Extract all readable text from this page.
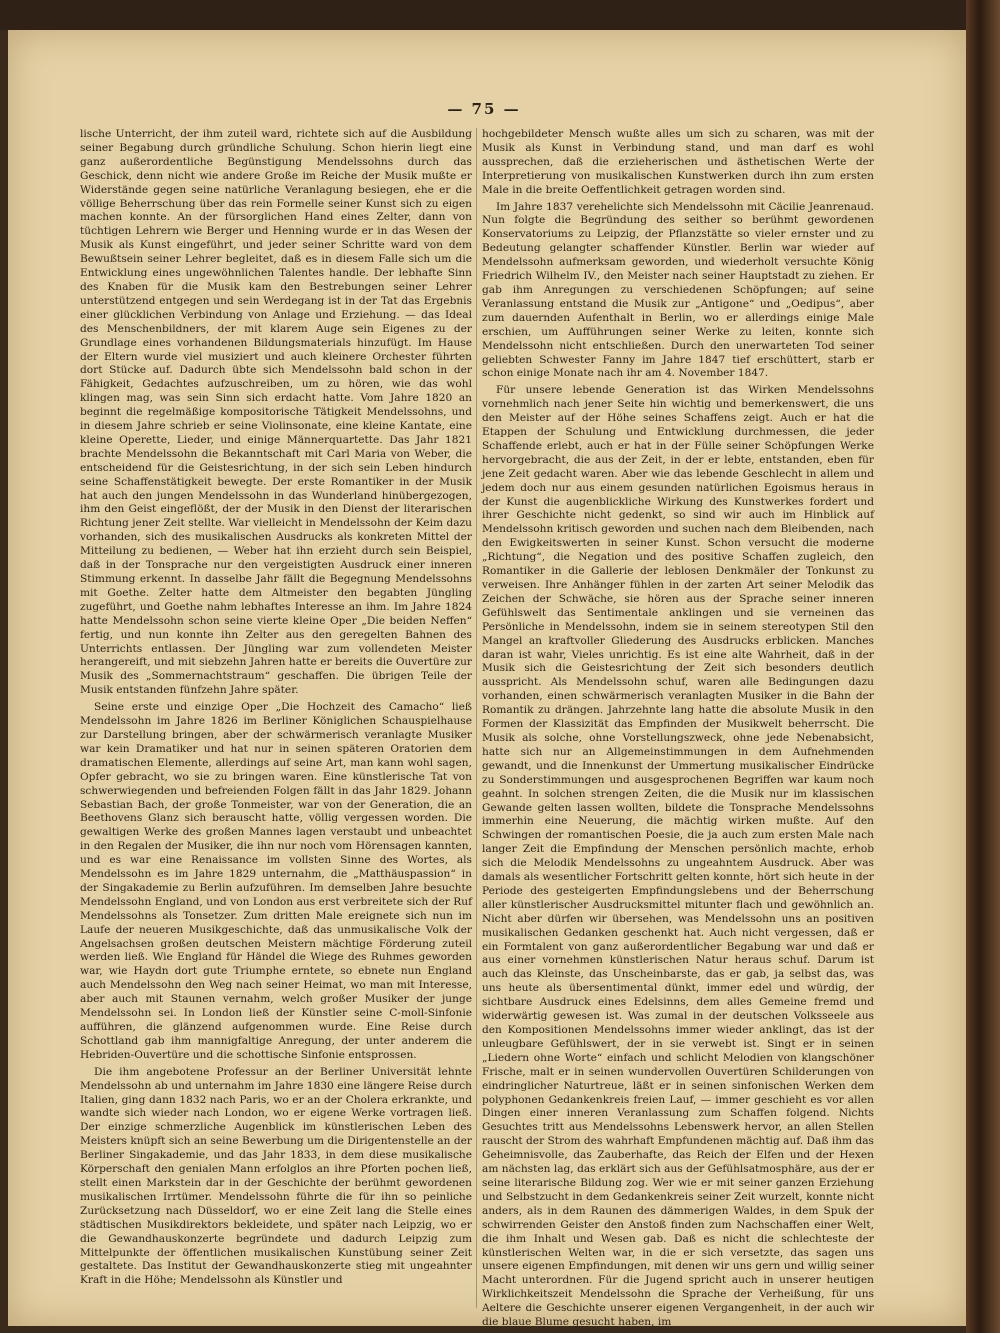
— 75 —

lische Unterricht, der ihm zuteil ward, richtete sich auf die Ausbildung seiner Begabung durch gründliche Schulung. Schon hierin liegt eine ganz außerordentliche Begünstigung Mendelssohns durch das Geschick, denn nicht wie andere Große im Reiche der Musik mußte er Widerstände gegen seine natürliche Veranlagung besiegen, ehe er die völlige Beherrschung über das rein Formelle seiner Kunst sich zu eigen machen konnte. An der fürsorglichen Hand eines Zelter, dann von tüchtigen Lehrern wie Berger und Henning wurde er in das Wesen der Musik als Kunst eingeführt, und jeder seiner Schritte ward von dem Bewußtsein seiner Lehrer begleitet, daß es in diesem Falle sich um die Entwicklung eines ungewöhnlichen Talentes handle. Der lebhafte Sinn des Knaben für die Musik kam den Bestrebungen seiner Lehrer unterstützend entgegen und sein Werdegang ist in der Tat das Ergebnis einer glücklichen Verbindung von Anlage und Erziehung. — das Ideal des Menschenbildners, der mit klarem Auge sein Eigenes zu der Grundlage eines vorhandenen Bildungsmaterials hinzufügt. Im Hause der Eltern wurde viel musiziert und auch kleinere Orchester führten dort Stücke auf. Dadurch übte sich Mendelssohn bald schon in der Fähigkeit, Gedachtes aufzuschreiben, um zu hören, wie das wohl klingen mag, was sein Sinn sich erdacht hatte. Vom Jahre 1820 an beginnt die regelmäßige kompositorische Tätigkeit Mendelssohns, und in diesem Jahre schrieb er seine Violinsonate, eine kleine Kantate, eine kleine Operette, Lieder, und einige Männerquartette. Das Jahr 1821 brachte Mendelssohn die Bekanntschaft mit Carl Maria von Weber, die entscheidend für die Geistesrichtung, in der sich sein Leben hindurch seine Schaffenstätigkeit bewegte. Der erste Romantiker in der Musik hat auch den jungen Mendelssohn in das Wunderland hinübergezogen, ihm den Geist eingeflößt, der der Musik in den Dienst der literarischen Richtung jener Zeit stellte. War vielleicht in Mendelssohn der Keim dazu vorhanden, sich des musikalischen Ausdrucks als konkreten Mittel der Mitteilung zu bedienen, — Weber hat ihn erzieht durch sein Beispiel, daß in der Tonsprache nur den vergeistigten Ausdruck einer inneren Stimmung erkennt. In dasselbe Jahr fällt die Begegnung Mendelssohns mit Goethe. Zelter hatte dem Altmeister den begabten Jüngling zugeführt, und Goethe nahm lebhaftes Interesse an ihm. Im Jahre 1824 hatte Mendelssohn schon seine vierte kleine Oper „Die beiden Neffen“ fertig, und nun konnte ihn Zelter aus den geregelten Bahnen des Unterrichts entlassen. Der Jüngling war zum vollendeten Meister herangereift, und mit siebzehn Jahren hatte er bereits die Ouvertüre zur Musik des „Sommernachtstraum“ geschaffen. Die übrigen Teile der Musik entstanden fünfzehn Jahre später.

Seine erste und einzige Oper „Die Hochzeit des Camacho“ ließ Mendelssohn im Jahre 1826 im Berliner Königlichen Schauspielhause zur Darstellung bringen, aber der schwärmerisch veranlagte Musiker war kein Dramatiker und hat nur in seinen späteren Oratorien dem dramatischen Elemente, allerdings auf seine Art, man kann wohl sagen, Opfer gebracht, wo sie zu bringen waren. Eine künstlerische Tat von schwerwiegenden und befreienden Folgen fällt in das Jahr 1829. Johann Sebastian Bach, der große Tonmeister, war von der Generation, die an Beethovens Glanz sich berauscht hatte, völlig vergessen worden. Die gewaltigen Werke des großen Mannes lagen verstaubt und unbeachtet in den Regalen der Musiker, die ihn nur noch vom Hörensagen kannten, und es war eine Renaissance im vollsten Sinne des Wortes, als Mendelssohn es im Jahre 1829 unternahm, die „Matthäuspassion“ in der Singakademie zu Berlin aufzuführen. Im demselben Jahre besuchte Mendelssohn England, und von London aus erst verbreitete sich der Ruf Mendelssohns als Tonsetzer. Zum dritten Male ereignete sich nun im Laufe der neueren Musikgeschichte, daß das unmusikalische Volk der Angelsachsen großen deutschen Meistern mächtige Förderung zuteil werden ließ. Wie England für Händel die Wiege des Ruhmes geworden war, wie Haydn dort gute Triumphe erntete, so ebnete nun England auch Mendelssohn den Weg nach seiner Heimat, wo man mit Interesse, aber auch mit Staunen vernahm, welch großer Musiker der junge Mendelssohn sei. In London ließ der Künstler seine C-moll-Sinfonie aufführen, die glänzend aufgenommen wurde. Eine Reise durch Schottland gab ihm mannigfaltige Anregung, der unter anderem die Hebriden-Ouvertüre und die schottische Sinfonie entsprossen.

Die ihm angebotene Professur an der Berliner Universität lehnte Mendelssohn ab und unternahm im Jahre 1830 eine längere Reise durch Italien, ging dann 1832 nach Paris, wo er an der Cholera erkrankte, und wandte sich wieder nach London, wo er eigene Werke vortragen ließ. Der einzige schmerzliche Augenblick im künstlerischen Leben des Meisters knüpft sich an seine Bewerbung um die Dirigentenstelle an der Berliner Singakademie, und das Jahr 1833, in dem diese musikalische Körperschaft den genialen Mann erfolglos an ihre Pforten pochen ließ, stellt einen Markstein dar in der Geschichte der berühmt gewordenen musikalischen Irrtümer. Mendelssohn führte die für ihn so peinliche Zurücksetzung nach Düsseldorf, wo er eine Zeit lang die Stelle eines städtischen Musikdirektors bekleidete, und später nach Leipzig, wo er die Gewandhauskonzerte begründete und dadurch Leipzig zum Mittelpunkte der öffentlichen musikalischen Kunstübung seiner Zeit gestaltete. Das Institut der Gewandhauskonzerte stieg mit ungeahnter Kraft in die Höhe; Mendelssohn als Künstler und

hochgebildeter Mensch wußte alles um sich zu scharen, was mit der Musik als Kunst in Verbindung stand, und man darf es wohl aussprechen, daß die erzieherischen und ästhetischen Werte der Interpretierung von musikalischen Kunstwerken durch ihn zum ersten Male in die breite Oeffentlichkeit getragen worden sind.

Im Jahre 1837 verehelichte sich Mendelssohn mit Cäcilie Jeanrenaud. Nun folgte die Begründung des seither so berühmt gewordenen Konservatoriums zu Leipzig, der Pflanzstätte so vieler ernster und zu Bedeutung gelangter schaffender Künstler. Berlin war wieder auf Mendelssohn aufmerksam geworden, und wiederholt versuchte König Friedrich Wilhelm IV., den Meister nach seiner Hauptstadt zu ziehen. Er gab ihm Anregungen zu verschiedenen Schöpfungen; auf seine Veranlassung entstand die Musik zur „Antigone“ und „Oedipus“, aber zum dauernden Aufenthalt in Berlin, wo er allerdings einige Male erschien, um Aufführungen seiner Werke zu leiten, konnte sich Mendelssohn nicht entschließen. Durch den unerwarteten Tod seiner geliebten Schwester Fanny im Jahre 1847 tief erschüttert, starb er schon einige Monate nach ihr am 4. November 1847.

Für unsere lebende Generation ist das Wirken Mendelssohns vornehmlich nach jener Seite hin wichtig und bemerkenswert, die uns den Meister auf der Höhe seines Schaffens zeigt. Auch er hat die Etappen der Schulung und Entwicklung durchmessen, die jeder Schaffende erlebt, auch er hat in der Fülle seiner Schöpfungen Werke hervorgebracht, die aus der Zeit, in der er lebte, entstanden, eben für jene Zeit gedacht waren. Aber wie das lebende Geschlecht in allem und jedem doch nur aus einem gesunden natürlichen Egoismus heraus in der Kunst die augenblickliche Wirkung des Kunstwerkes fordert und ihrer Geschichte nicht gedenkt, so sind wir auch im Hinblick auf Mendelssohn kritisch geworden und suchen nach dem Bleibenden, nach den Ewigkeitswerten in seiner Kunst. Schon versucht die moderne „Richtung“, die Negation und des positive Schaffen zugleich, den Romantiker in die Gallerie der leblosen Denkmäler der Tonkunst zu verweisen. Ihre Anhänger fühlen in der zarten Art seiner Melodik das Zeichen der Schwäche, sie hören aus der Sprache seiner inneren Gefühlswelt das Sentimentale anklingen und sie verneinen das Persönliche in Mendelssohn, indem sie in seinem stereotypen Stil den Mangel an kraftvoller Gliederung des Ausdrucks erblicken. Manches daran ist wahr, Vieles unrichtig. Es ist eine alte Wahrheit, daß in der Musik sich die Geistesrichtung der Zeit sich besonders deutlich ausspricht. Als Mendelssohn schuf, waren alle Bedingungen dazu vorhanden, einen schwärmerisch veranlagten Musiker in die Bahn der Romantik zu drängen. Jahrzehnte lang hatte die absolute Musik in den Formen der Klassizität das Empfinden der Musikwelt beherrscht. Die Musik als solche, ohne Vorstellungszweck, ohne jede Nebenabsicht, hatte sich nur an Allgemeinstimmungen in dem Aufnehmenden gewandt, und die Innenkunst der Ummertung musikalischer Eindrücke zu Sonderstimmungen und ausgesprochenen Begriffen war kaum noch geahnt. In solchen strengen Zeiten, die die Musik nur im klassischen Gewande gelten lassen wollten, bildete die Tonsprache Mendelssohns immerhin eine Neuerung, die mächtig wirken mußte. Auf den Schwingen der romantischen Poesie, die ja auch zum ersten Male nach langer Zeit die Empfindung der Menschen persönlich machte, erhob sich die Melodik Mendelssohns zu ungeahntem Ausdruck. Aber was damals als wesentlicher Fortschritt gelten konnte, hört sich heute in der Periode des gesteigerten Empfindungslebens und der Beherrschung aller künstlerischer Ausdrucksmittel mitunter flach und gewöhnlich an. Nicht aber dürfen wir übersehen, was Mendelssohn uns an positiven musikalischen Gedanken geschenkt hat. Auch nicht vergessen, daß er ein Formtalent von ganz außerordentlicher Begabung war und daß er aus einer vornehmen künstlerischen Natur heraus schuf. Darum ist auch das Kleinste, das Unscheinbarste, das er gab, ja selbst das, was uns heute als übersentimental dünkt, immer edel und würdig, der sichtbare Ausdruck eines Edelsinns, dem alles Gemeine fremd und widerwärtig gewesen ist. Was zumal in der deutschen Volksseele aus den Kompositionen Mendelssohns immer wieder anklingt, das ist der unleugbare Gefühlswert, der in sie verwebt ist. Singt er in seinen „Liedern ohne Worte“ einfach und schlicht Melodien von klangschöner Frische, malt er in seinen wundervollen Ouvertüren Schilderungen von eindringlicher Naturtreue, läßt er in seinen sinfonischen Werken dem polyphonen Gedankenkreis freien Lauf, — immer geschieht es vor allen Dingen einer inneren Veranlassung zum Schaffen folgend. Nichts Gesuchtes tritt aus Mendelssohns Lebenswerk hervor, an allen Stellen rauscht der Strom des wahrhaft Empfundenen mächtig auf. Daß ihm das Geheimnisvolle, das Zauberhafte, das Reich der Elfen und der Hexen am nächsten lag, das erklärt sich aus der Gefühlsatmosphäre, aus der er seine literarische Bildung zog. Wer wie er mit seiner ganzen Erziehung und Selbstzucht in dem Gedankenkreis seiner Zeit wurzelt, konnte nicht anders, als in dem Raunen des dämmerigen Waldes, in dem Spuk der schwirrenden Geister den Anstoß finden zum Nachschaffen einer Welt, die ihm Inhalt und Wesen gab. Daß es nicht die schlechteste der künstlerischen Welten war, in die er sich versetzte, das sagen uns unsere eigenen Empfindungen, mit denen wir uns gern und willig seiner Macht unterordnen. Für die Jugend spricht auch in unserer heutigen Wirklichkeitszeit Mendelssohn die Sprache der Verheißung, für uns Aeltere die Geschichte unserer eigenen Vergangenheit, in der auch wir die blaue Blume gesucht haben, im
